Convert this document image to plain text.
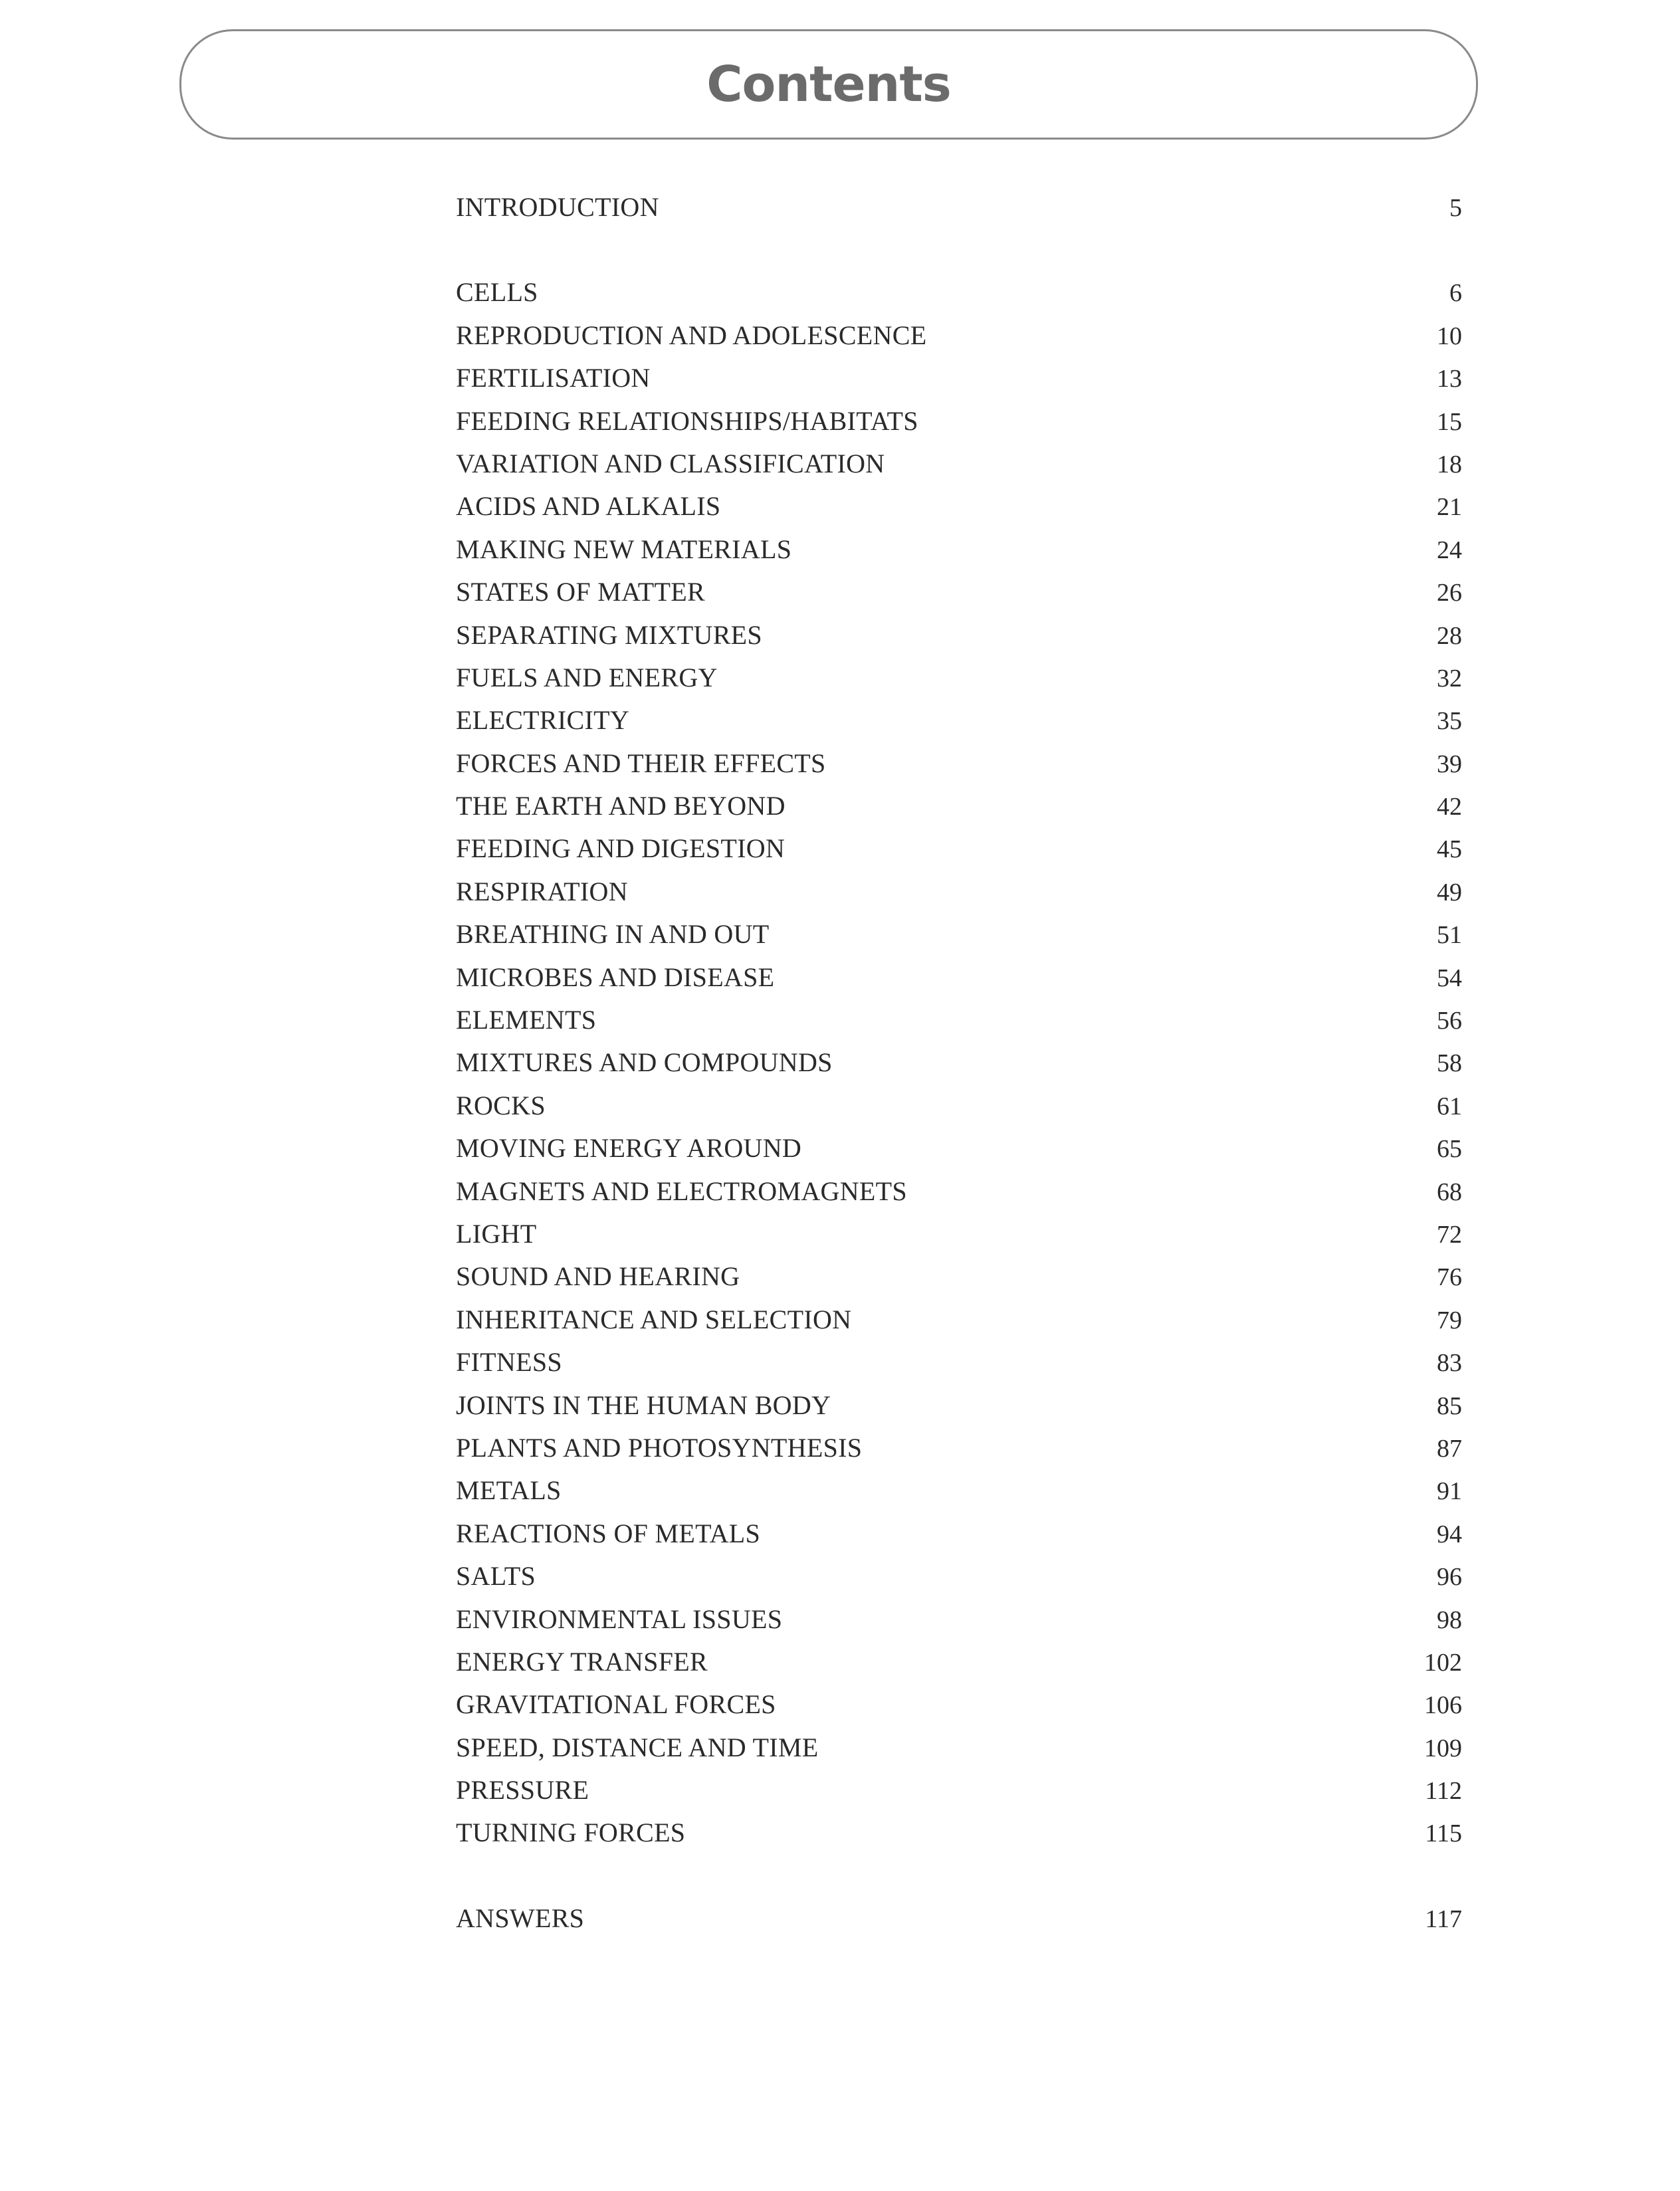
Contents
INTRODUCTION	5
CELLS	6
REPRODUCTION AND ADOLESCENCE	10
FERTILISATION	13
FEEDING RELATIONSHIPS/HABITATS	15
VARIATION AND CLASSIFICATION	18
ACIDS AND ALKALIS	21
MAKING NEW MATERIALS	24
STATES OF MATTER	26
SEPARATING MIXTURES	28
FUELS AND ENERGY	32
ELECTRICITY	35
FORCES AND THEIR EFFECTS	39
THE EARTH AND BEYOND	42
FEEDING AND DIGESTION	45
RESPIRATION	49
BREATHING IN AND OUT	51
MICROBES AND DISEASE	54
ELEMENTS	56
MIXTURES AND COMPOUNDS	58
ROCKS	61
MOVING ENERGY AROUND	65
MAGNETS AND ELECTROMAGNETS	68
LIGHT	72
SOUND AND HEARING	76
INHERITANCE AND SELECTION	79
FITNESS	83
JOINTS IN THE HUMAN BODY	85
PLANTS AND PHOTOSYNTHESIS	87
METALS	91
REACTIONS OF METALS	94
SALTS	96
ENVIRONMENTAL ISSUES	98
ENERGY TRANSFER	102
GRAVITATIONAL FORCES	106
SPEED, DISTANCE AND TIME	109
PRESSURE	112
TURNING FORCES	115
ANSWERS	117
